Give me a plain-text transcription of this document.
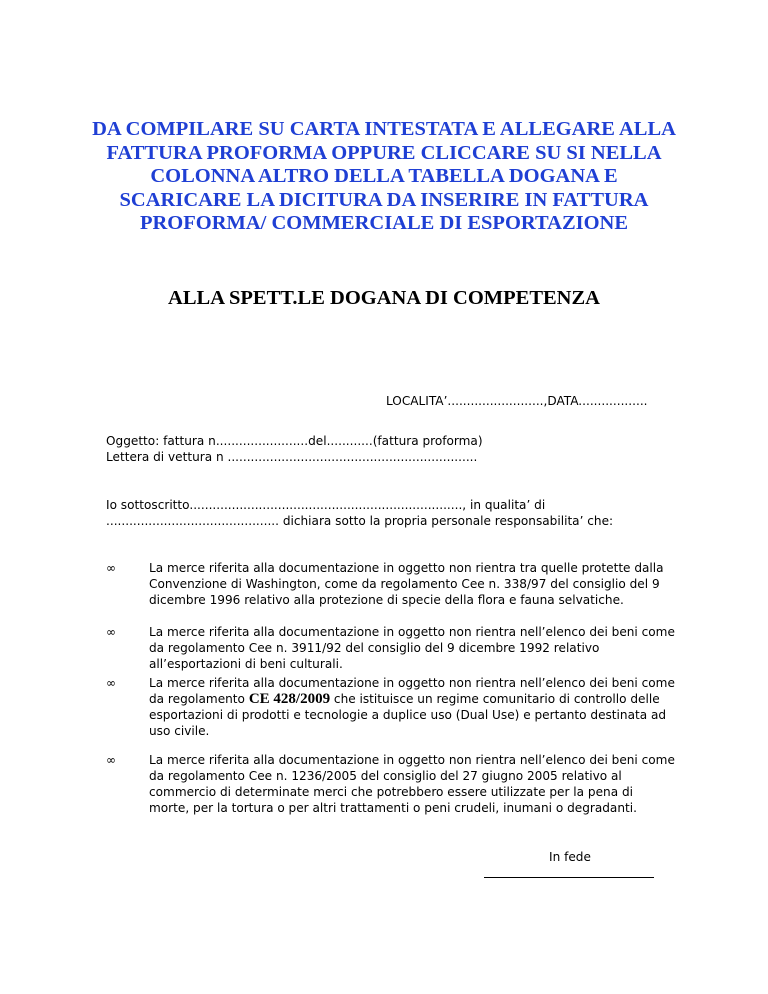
DA COMPILARE SU CARTA INTESTATA E ALLEGARE ALLA FATTURA PROFORMA OPPURE CLICCARE SU SI NELLA COLONNA ALTRO DELLA TABELLA DOGANA E SCARICARE LA DICITURA DA INSERIRE IN FATTURA PROFORMA/ COMMERCIALE DI ESPORTAZIONE
ALLA SPETT.LE DOGANA DI COMPETENZA
LOCALITA’.........................,DATA..................
Oggetto: fattura n........................del............(fattura proforma)
Lettera di vettura n .................................................................
Io sottoscritto......................................................................., in qualita’ di
............................................. dichiara sotto la propria personale responsabilita’ che:
∞	La merce riferita alla documentazione in oggetto non rientra tra quelle protette dalla Convenzione di Washington, come da regolamento Cee n. 338/97 del consiglio del 9 dicembre 1996 relativo alla protezione di specie della flora e fauna selvatiche.
∞	La merce riferita alla documentazione in oggetto non rientra nell’elenco dei beni come da regolamento Cee n. 3911/92 del consiglio del 9 dicembre 1992 relativo all’esportazioni di beni culturali.
∞	La merce riferita alla documentazione in oggetto non rientra nell’elenco dei beni come da regolamento CE 428/2009 che istituisce un regime comunitario di controllo delle esportazioni di prodotti e tecnologie a duplice uso (Dual Use) e pertanto destinata ad uso civile.
∞	La merce riferita alla documentazione in oggetto non rientra nell’elenco dei beni come da regolamento Cee n. 1236/2005 del consiglio del 27 giugno 2005 relativo al commercio di determinate merci che potrebbero essere utilizzate per la pena di morte, per la tortura o per altri trattamenti o peni crudeli, inumani o degradanti.
In fede
